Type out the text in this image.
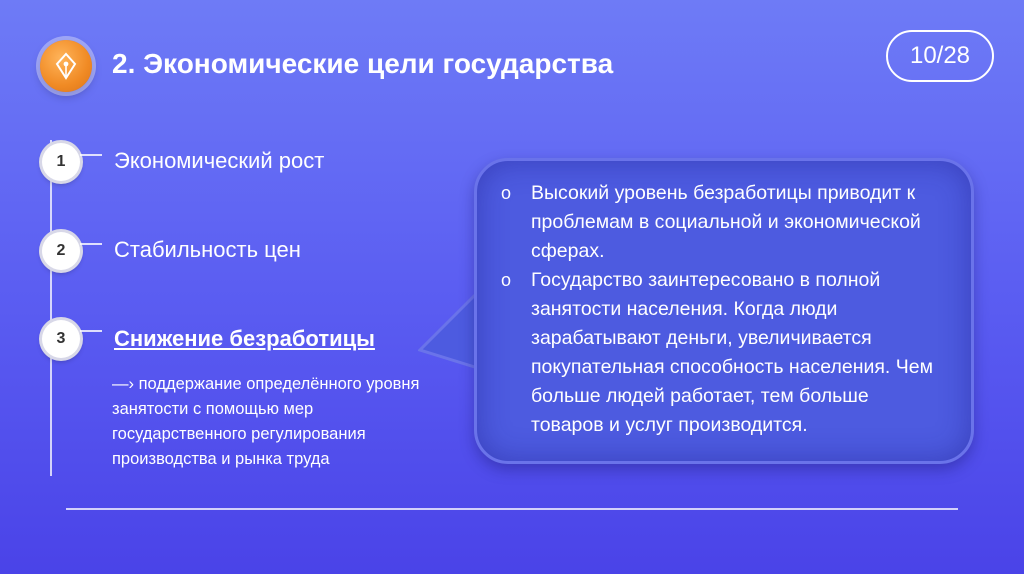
2. Экономические цели государства	10/28
1	Экономический рост
2	Стабильность цен
3	Снижение безработицы
—› поддержание определённого уровня занятости с помощью мер государственного регулирования производства и рынка труда
o Высокий уровень безработицы приводит к проблемам в социальной и экономической сферах.
o Государство заинтересовано в полной занятости населения. Когда люди зарабатывают деньги, увеличивается покупательная способность населения. Чем больше людей работает, тем больше товаров и услуг производится.
